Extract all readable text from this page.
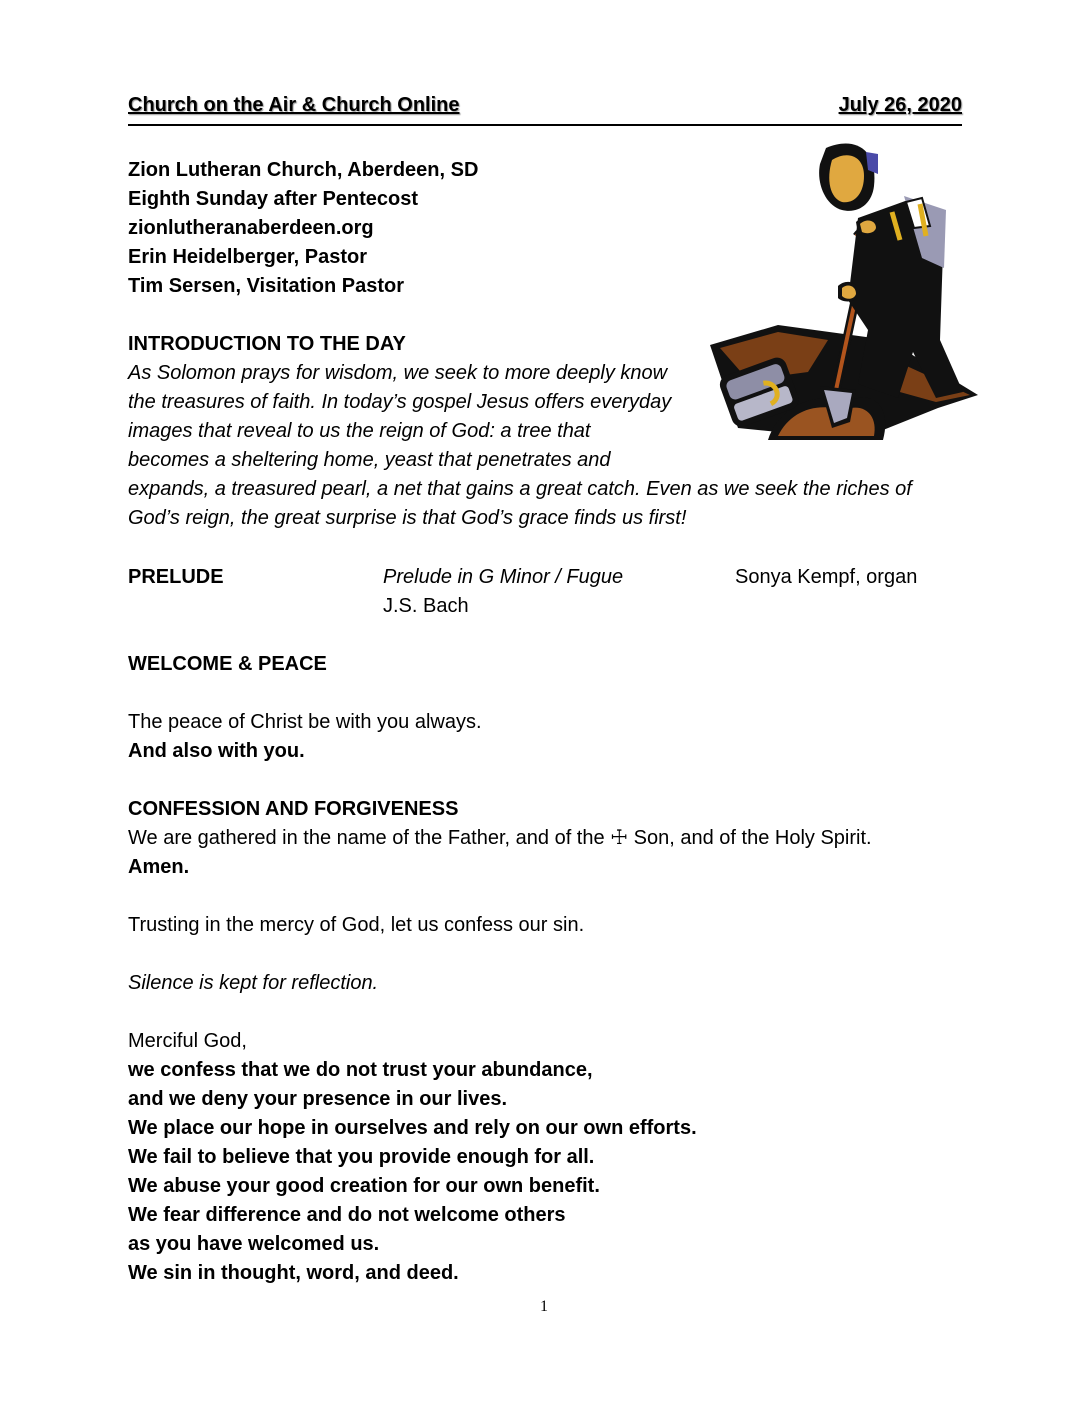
Church on the Air & Church Online	July 26, 2020
Zion Lutheran Church, Aberdeen, SD
Eighth Sunday after Pentecost
zionlutheranaberdeen.org
Erin Heidelberger, Pastor
Tim Sersen, Visitation Pastor
INTRODUCTION TO THE DAY
As Solomon prays for wisdom, we seek to more deeply know
the treasures of faith. In today’s gospel Jesus offers everyday
images that reveal to us the reign of God: a tree that
becomes a sheltering home, yeast that penetrates and
expands, a treasured pearl, a net that gains a great catch. Even as we seek the riches of
God’s reign, the great surprise is that God’s grace finds us first!
PRELUDE	Prelude in G Minor / Fugue
J.S. Bach
Sonya Kempf, organ
WELCOME & PEACE
The peace of Christ be with you always.
And also with you.
CONFESSION AND FORGIVENESS
We are gathered in the name of the Father, and of the ☩ Son, and of the Holy Spirit.
Amen.
Trusting in the mercy of God, let us confess our sin.
Silence is kept for reflection.
Merciful God,
we confess that we do not trust your abundance,
and we deny your presence in our lives.
We place our hope in ourselves and rely on our own efforts.
We fail to believe that you provide enough for all.
We abuse your good creation for our own benefit.
We fear difference and do not welcome others
as you have welcomed us.
We sin in thought, word, and deed.
1
